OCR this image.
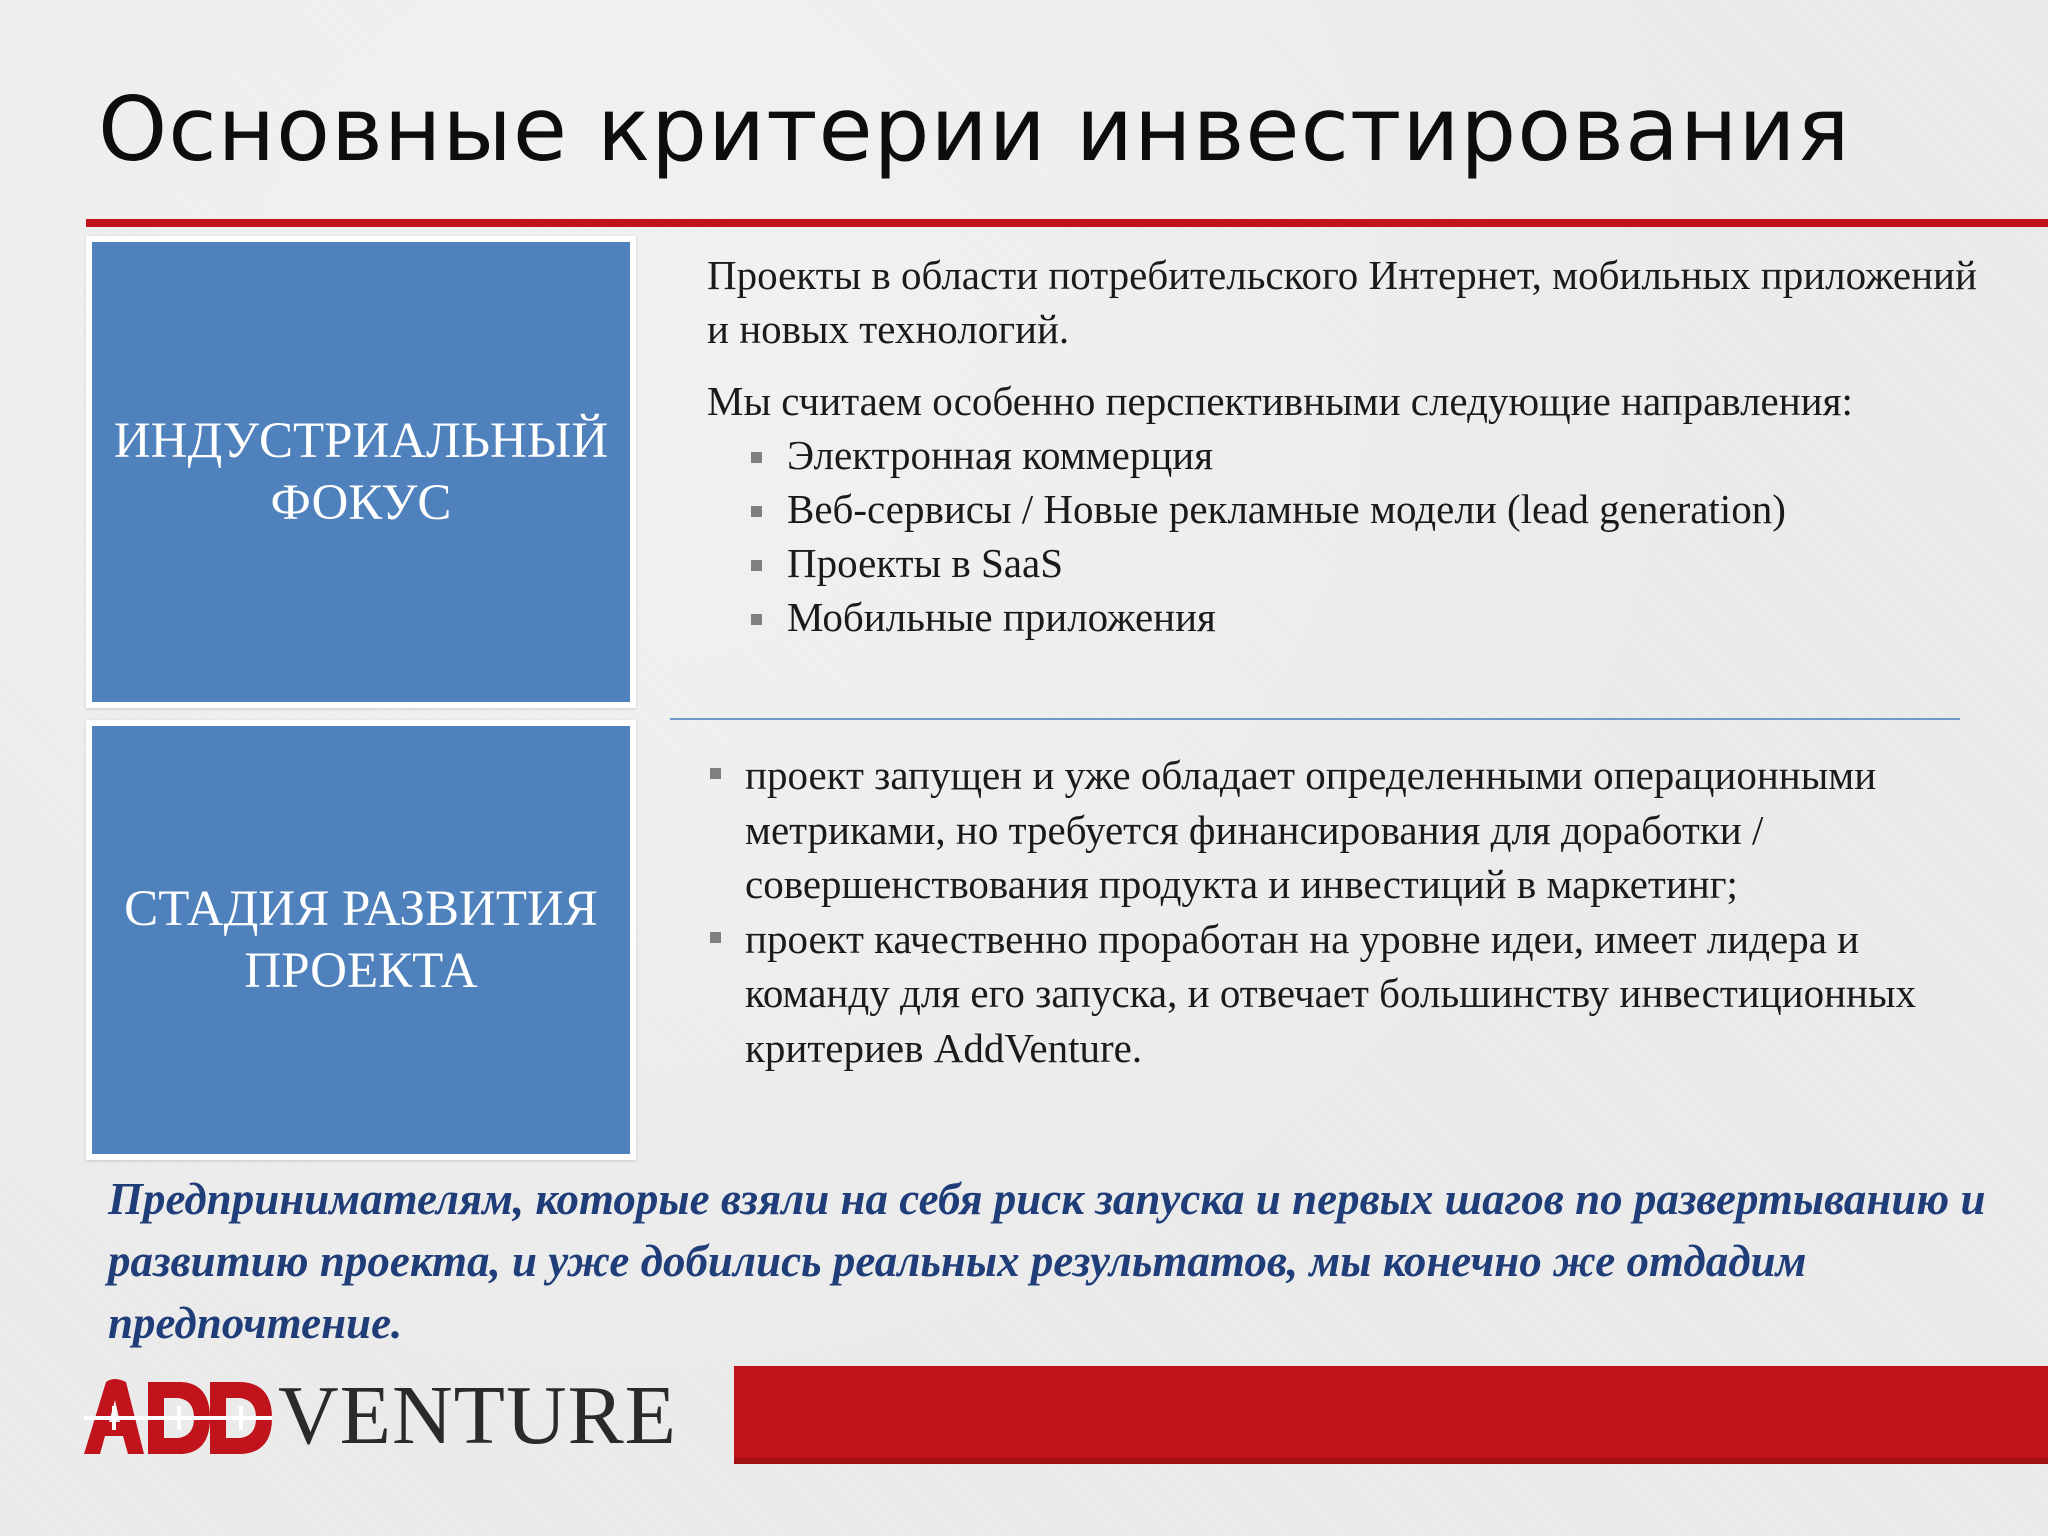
Основные критерии инвестирования
ИНДУСТРИАЛЬНЫЙ
ФОКУС

Проекты в области потребительского Интернет, мобильных приложений и новых технологий.

Мы считаем особенно перспективными следующие направления:

Электронная коммерция
Веб-сервисы / Новые рекламные модели (lead generation)
Проекты в SaaS
Мобильные приложения
СТАДИЯ РАЗВИТИЯ
ПРОЕКТА
проект запущен и уже обладает определенными операционными метриками, но требуется финансирования для доработки / совершенствования продукта и инвестиций в маркетинг;
проект качественно проработан на уровне идеи, имеет лидера и команду для его запуска, и отвечает большинству инвестиционных критериев AddVenture.

Предпринимателям, которые взяли на себя риск запуска и первых шагов по развертыванию и развитию проекта, и уже добились реальных результатов, мы конечно же отдадим предпочтение.

ADD VENTURE
